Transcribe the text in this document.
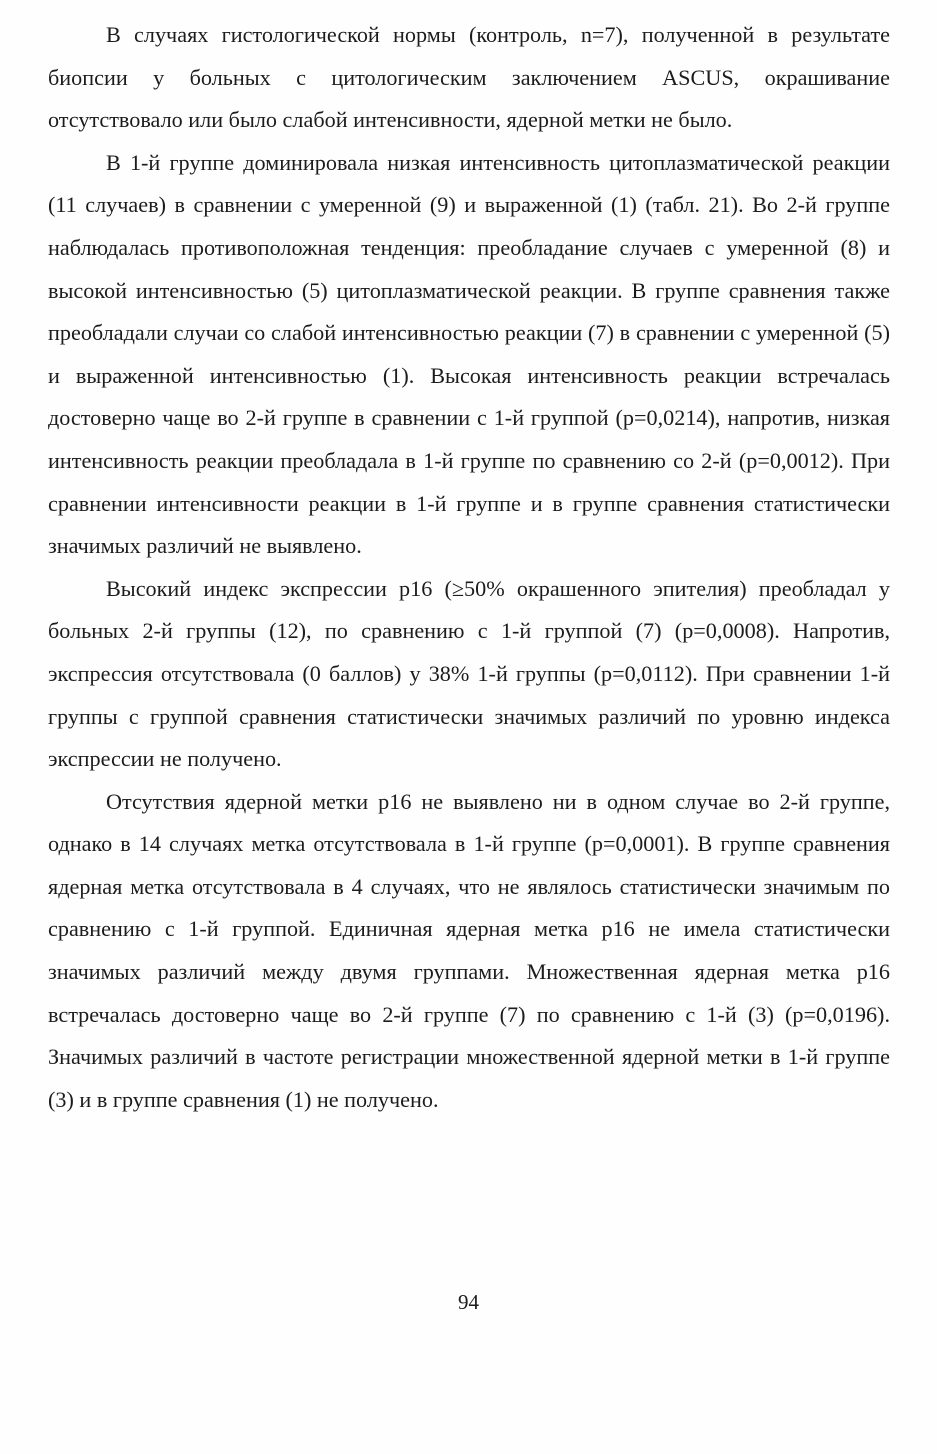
В случаях гистологической нормы (контроль, n=7), полученной в результате биопсии у больных с цитологическим заключением ASCUS, окрашивание отсутствовало или было слабой интенсивности, ядерной метки не было.

В 1-й группе доминировала низкая интенсивность цитоплазматической реакции (11 случаев) в сравнении с умеренной (9) и выраженной (1) (табл. 21). Во 2-й группе наблюдалась противоположная тенденция: преобладание случаев с умеренной (8) и высокой интенсивностью (5) цитоплазматической реакции. В группе сравнения также преобладали случаи со слабой интенсивностью реакции (7) в сравнении с умеренной (5) и выраженной интенсивностью (1). Высокая интенсивность реакции встречалась достоверно чаще во 2-й группе в сравнении с 1-й группой (p=0,0214), напротив, низкая интенсивность реакции преобладала в 1-й группе по сравнению со 2-й (p=0,0012). При сравнении интенсивности реакции в 1-й группе и в группе сравнения статистически значимых различий не выявлено.

Высокий индекс экспрессии p16 (≥50% окрашенного эпителия) преобладал у больных 2-й группы (12), по сравнению с 1-й группой (7) (p=0,0008). Напротив, экспрессия отсутствовала (0 баллов) у 38% 1-й группы (p=0,0112). При сравнении 1-й группы с группой сравнения статистически значимых различий по уровню индекса экспрессии не получено.

Отсутствия ядерной метки p16 не выявлено ни в одном случае во 2-й группе, однако в 14 случаях метка отсутствовала в 1-й группе (p=0,0001). В группе сравнения ядерная метка отсутствовала в 4 случаях, что не являлось статистически значимым по сравнению с 1-й группой. Единичная ядерная метка p16 не имела статистически значимых различий между двумя группами. Множественная ядерная метка p16 встречалась достоверно чаще во 2-й группе (7) по сравнению с 1-й (3) (p=0,0196). Значимых различий в частоте регистрации множественной ядерной метки в 1-й группе (3) и в группе сравнения (1) не получено.

94
